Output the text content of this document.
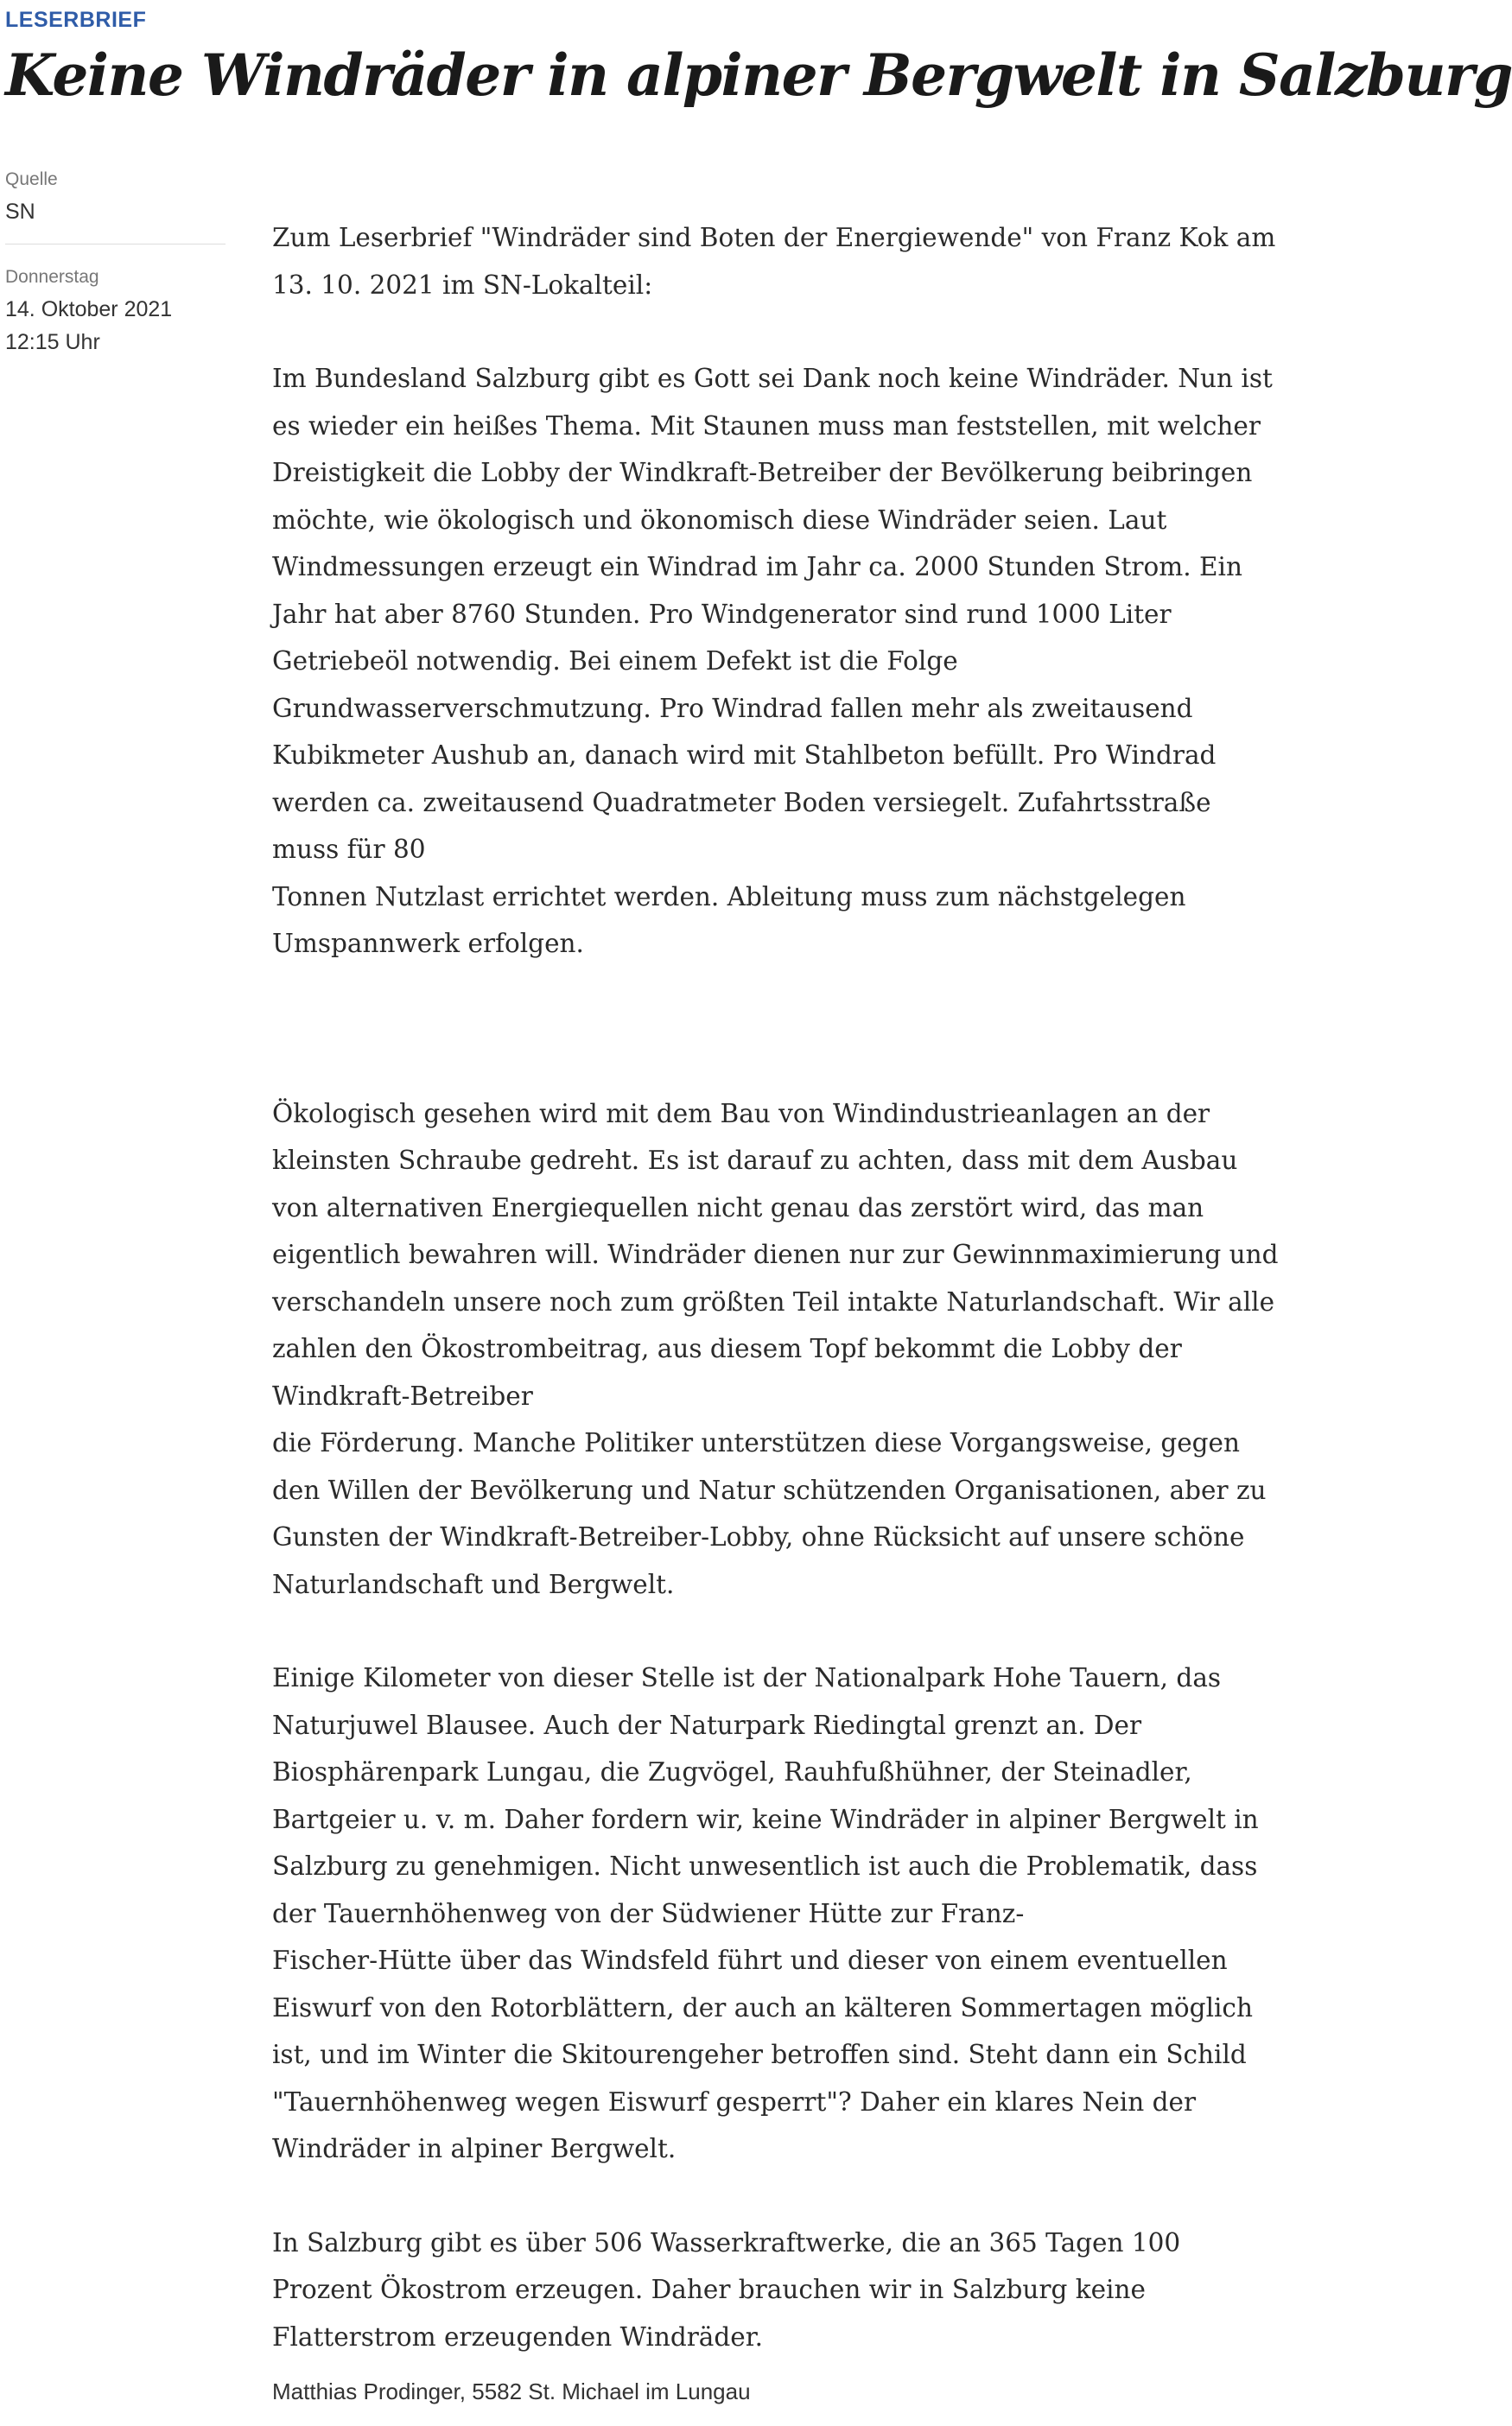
LESERBRIEF
Keine Windräder in alpiner Bergwelt in Salzburg
Quelle
SN
Donnerstag
14. Oktober 2021
12:15 Uhr

Zum Leserbrief "Windräder sind Boten der Energiewende" von Franz Kok am 13. 10. 2021 im SN-Lokalteil:

Im Bundesland Salzburg gibt es Gott sei Dank noch keine Windräder. Nun ist es wieder ein heißes Thema. Mit Staunen muss man feststellen, mit welcher Dreistigkeit die Lobby der Windkraft-Betreiber der Bevölkerung beibringen möchte, wie ökologisch und ökonomisch diese Windräder seien. Laut Windmessungen erzeugt ein Windrad im Jahr ca. 2000 Stunden Strom. Ein Jahr hat aber 8760 Stunden. Pro Windgenerator sind rund 1000 Liter Getriebeöl notwendig. Bei einem Defekt ist die Folge Grundwasserverschmutzung. Pro Windrad fallen mehr als zweitausend Kubikmeter Aushub an, danach wird mit Stahlbeton befüllt. Pro Windrad werden ca. zweitausend Quadratmeter Boden versiegelt. Zufahrtsstraße muss für 80
Tonnen Nutzlast errichtet werden. Ableitung muss zum nächstgelegen Umspannwerk erfolgen.

Ökologisch gesehen wird mit dem Bau von Windindustrieanlagen an der kleinsten Schraube gedreht. Es ist darauf zu achten, dass mit dem Ausbau von alternativen Energiequellen nicht genau das zerstört wird, das man eigentlich bewahren will. Windräder dienen nur zur Gewinnmaximierung und verschandeln unsere noch zum größten Teil intakte Naturlandschaft. Wir alle zahlen den Ökostrombeitrag, aus diesem Topf bekommt die Lobby der Windkraft-Betreiber
die Förderung. Manche Politiker unterstützen diese Vorgangsweise, gegen den Willen der Bevölkerung und Natur schützenden Organisationen, aber zu Gunsten der Windkraft-Betreiber-Lobby, ohne Rücksicht auf unsere schöne Naturlandschaft und Bergwelt.

Einige Kilometer von dieser Stelle ist der Nationalpark Hohe Tauern, das Naturjuwel Blausee. Auch der Naturpark Riedingtal grenzt an. Der Biosphärenpark Lungau, die Zugvögel, Rauhfußhühner, der Steinadler, Bartgeier u. v. m. Daher fordern wir, keine Windräder in alpiner Bergwelt in Salzburg zu genehmigen. Nicht unwesentlich ist auch die Problematik, dass der Tauernhöhenweg von der Südwiener Hütte zur Franz-
Fischer-Hütte über das Windsfeld führt und dieser von einem eventuellen Eiswurf von den Rotorblättern, der auch an kälteren Sommertagen möglich ist, und im Winter die Skitourengeher betroffen sind. Steht dann ein Schild "Tauernhöhenweg wegen Eiswurf gesperrt"? Daher ein klares Nein der Windräder in alpiner Bergwelt.

In Salzburg gibt es über 506 Wasserkraftwerke, die an 365 Tagen 100 Prozent Ökostrom erzeugen. Daher brauchen wir in Salzburg keine Flatterstrom erzeugenden Windräder.

Matthias Prodinger, 5582 St. Michael im Lungau
